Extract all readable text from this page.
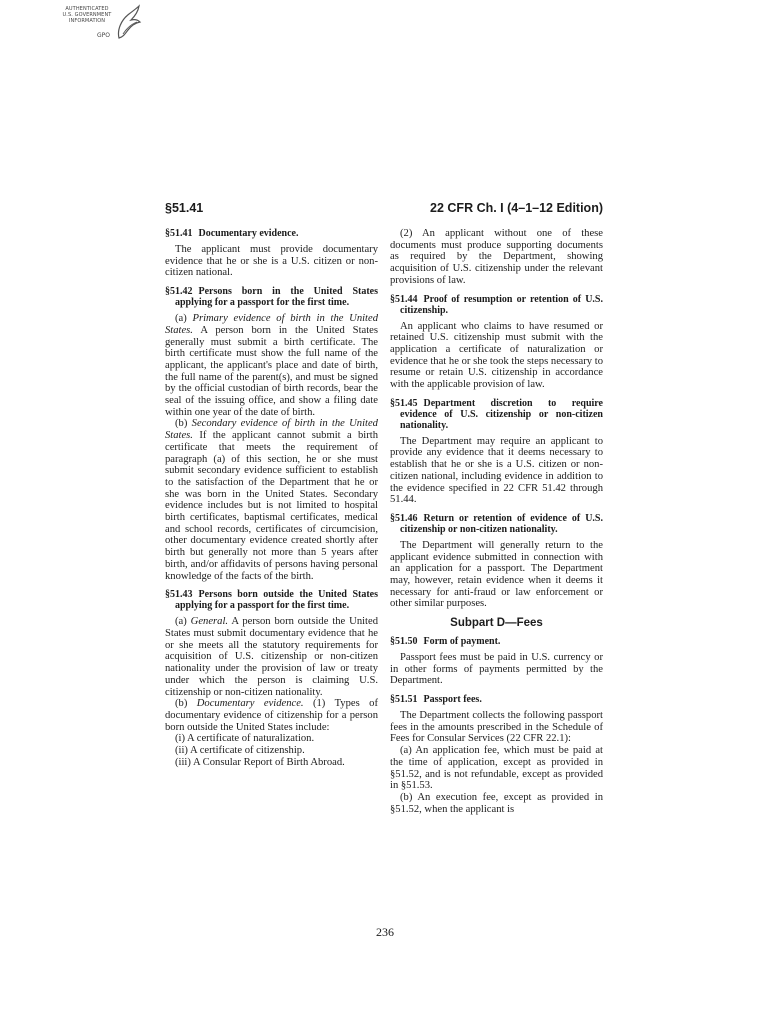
AUTHENTICATED
U.S. GOVERNMENT
INFORMATION
GPO
§51.41	22 CFR Ch. I (4–1–12 Edition)
§51.41 Documentary evidence.

The applicant must provide documentary evidence that he or she is a U.S. citizen or non-citizen national.

§51.42 Persons born in the United States applying for a passport for the first time.

(a) Primary evidence of birth in the United States. A person born in the United States generally must submit a birth certificate. The birth certificate must show the full name of the applicant, the applicant's place and date of birth, the full name of the parent(s), and must be signed by the official custodian of birth records, bear the seal of the issuing office, and show a filing date within one year of the date of birth.

(b) Secondary evidence of birth in the United States. If the applicant cannot submit a birth certificate that meets the requirement of paragraph (a) of this section, he or she must submit secondary evidence sufficient to establish to the satisfaction of the Department that he or she was born in the United States. Secondary evidence includes but is not limited to hospital birth certificates, baptismal certificates, medical and school records, certificates of circumcision, other documentary evidence created shortly after birth but generally not more than 5 years after birth, and/or affidavits of persons having personal knowledge of the facts of the birth.

§51.43 Persons born outside the United States applying for a passport for the first time.

(a) General. A person born outside the United States must submit documentary evidence that he or she meets all the statutory requirements for acquisition of U.S. citizenship or non-citizen nationality under the provision of law or treaty under which the person is claiming U.S. citizenship or non-citizen nationality.

(b) Documentary evidence. (1) Types of documentary evidence of citizenship for a person born outside the United States include:

(i) A certificate of naturalization.

(ii) A certificate of citizenship.

(iii) A Consular Report of Birth Abroad.

(2) An applicant without one of these documents must produce supporting documents as required by the Department, showing acquisition of U.S. citizenship under the relevant provisions of law.

§51.44 Proof of resumption or retention of U.S. citizenship.

An applicant who claims to have resumed or retained U.S. citizenship must submit with the application a certificate of naturalization or evidence that he or she took the steps necessary to resume or retain U.S. citizenship in accordance with the applicable provision of law.

§51.45 Department discretion to require evidence of U.S. citizenship or non-citizen nationality.

The Department may require an applicant to provide any evidence that it deems necessary to establish that he or she is a U.S. citizen or non-citizen national, including evidence in addition to the evidence specified in 22 CFR 51.42 through 51.44.

§51.46 Return or retention of evidence of U.S. citizenship or non-citizen nationality.

The Department will generally return to the applicant evidence submitted in connection with an application for a passport. The Department may, however, retain evidence when it deems it necessary for anti-fraud or law enforcement or other similar purposes.

Subpart D—Fees
§51.50 Form of payment.

Passport fees must be paid in U.S. currency or in other forms of payments permitted by the Department.

§51.51 Passport fees.

The Department collects the following passport fees in the amounts prescribed in the Schedule of Fees for Consular Services (22 CFR 22.1):

(a) An application fee, which must be paid at the time of application, except as provided in §51.52, and is not refundable, except as provided in §51.53.

(b) An execution fee, except as provided in §51.52, when the applicant is

236
